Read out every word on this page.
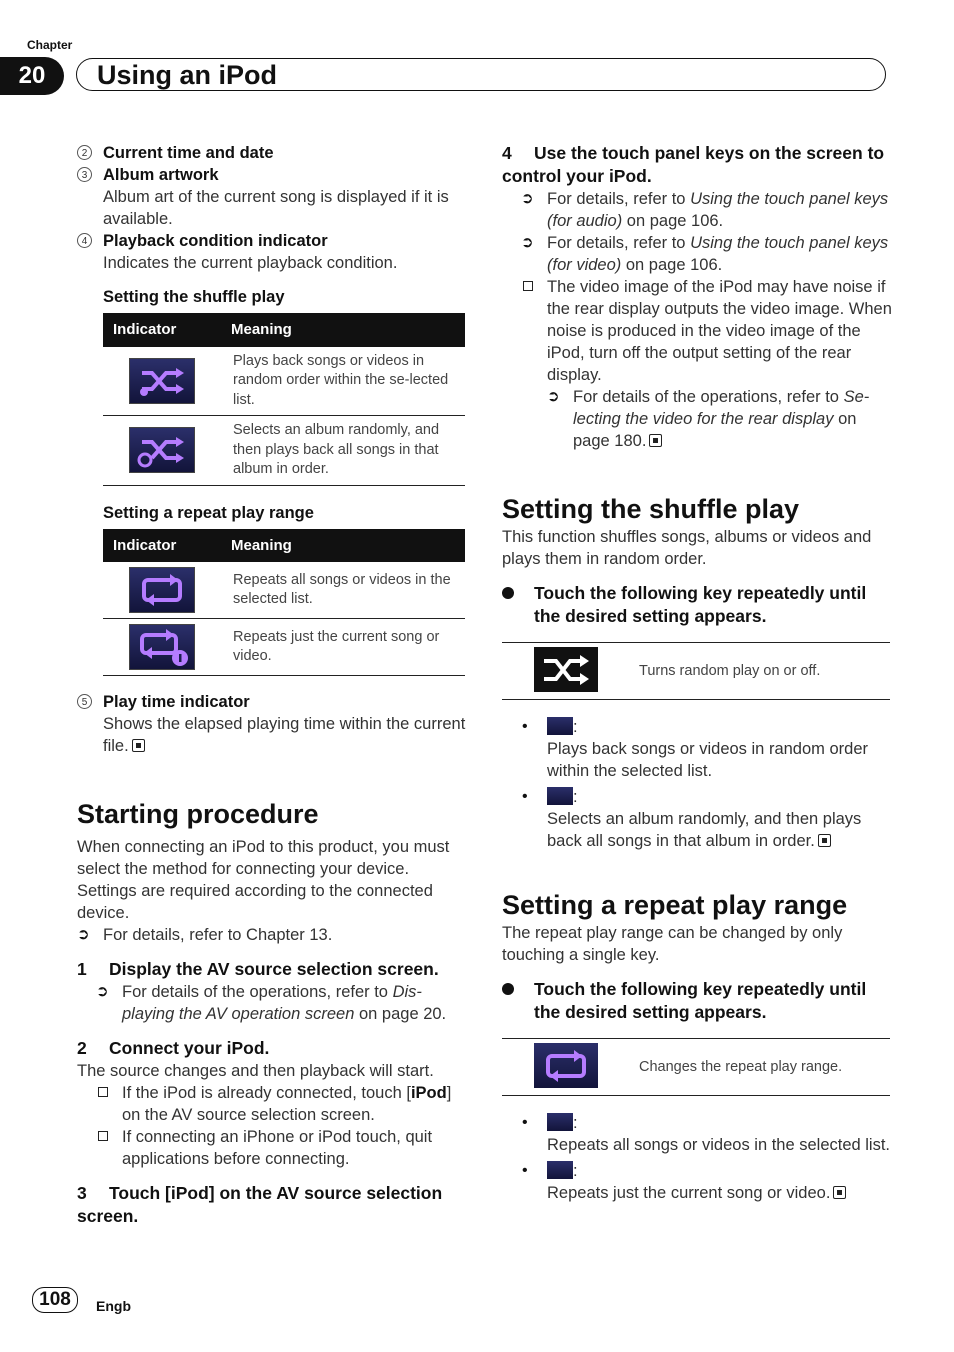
Chapter
20	Using an iPod
2 Current time and date
3 Album artwork
Album art of the current song is displayed if it is available.
4 Playback condition indicator
Indicates the current playback condition.
Setting the shuffle play
Indicator	Meaning

	Plays back songs or videos in random order within the se-lected list.

	Selects an album randomly, and then plays back all songs in that album in order.
Setting a repeat play range
Indicator	Meaning

	Repeats all songs or videos in the selected list.

	Repeats just the current song or video.
5 Play time indicator
Shows the elapsed playing time within the current file.
Starting procedure
When connecting an iPod to this product, you must select the method for connecting your device. Settings are required according to the connected device.
➲ For details, refer to Chapter 13.
1 Display the AV source selection screen.
➲ For details of the operations, refer to Dis-playing the AV operation screen on page 20.
2 Connect your iPod.
The source changes and then playback will start.
If the iPod is already connected, touch [iPod] on the AV source selection screen.
If connecting an iPhone or iPod touch, quit applications before connecting.
3 Touch [iPod] on the AV source selection screen.
4 Use the touch panel keys on the screen to control your iPod.
➲ For details, refer to Using the touch panel keys (for audio) on page 106.
➲ For details, refer to Using the touch panel keys (for video) on page 106.
The video image of the iPod may have noise if the rear display outputs the video image. When noise is produced in the video image of the iPod, turn off the output setting of the rear display.
➲ For details of the operations, refer to Se-lecting the video for the rear display on page 180.
Setting the shuffle play
This function shuffles songs, albums or videos and plays them in random order.
Touch the following key repeatedly until the desired setting appears.
Turns random play on or off.
•	:
Plays back songs or videos in random order within the selected list.
•	:
Selects an album randomly, and then plays back all songs in that album in order.
Setting a repeat play range
The repeat play range can be changed by only touching a single key.
Touch the following key repeatedly until the desired setting appears.
Changes the repeat play range.
•	:
Repeats all songs or videos in the selected list.
•	:
Repeats just the current song or video.
108	Engb
